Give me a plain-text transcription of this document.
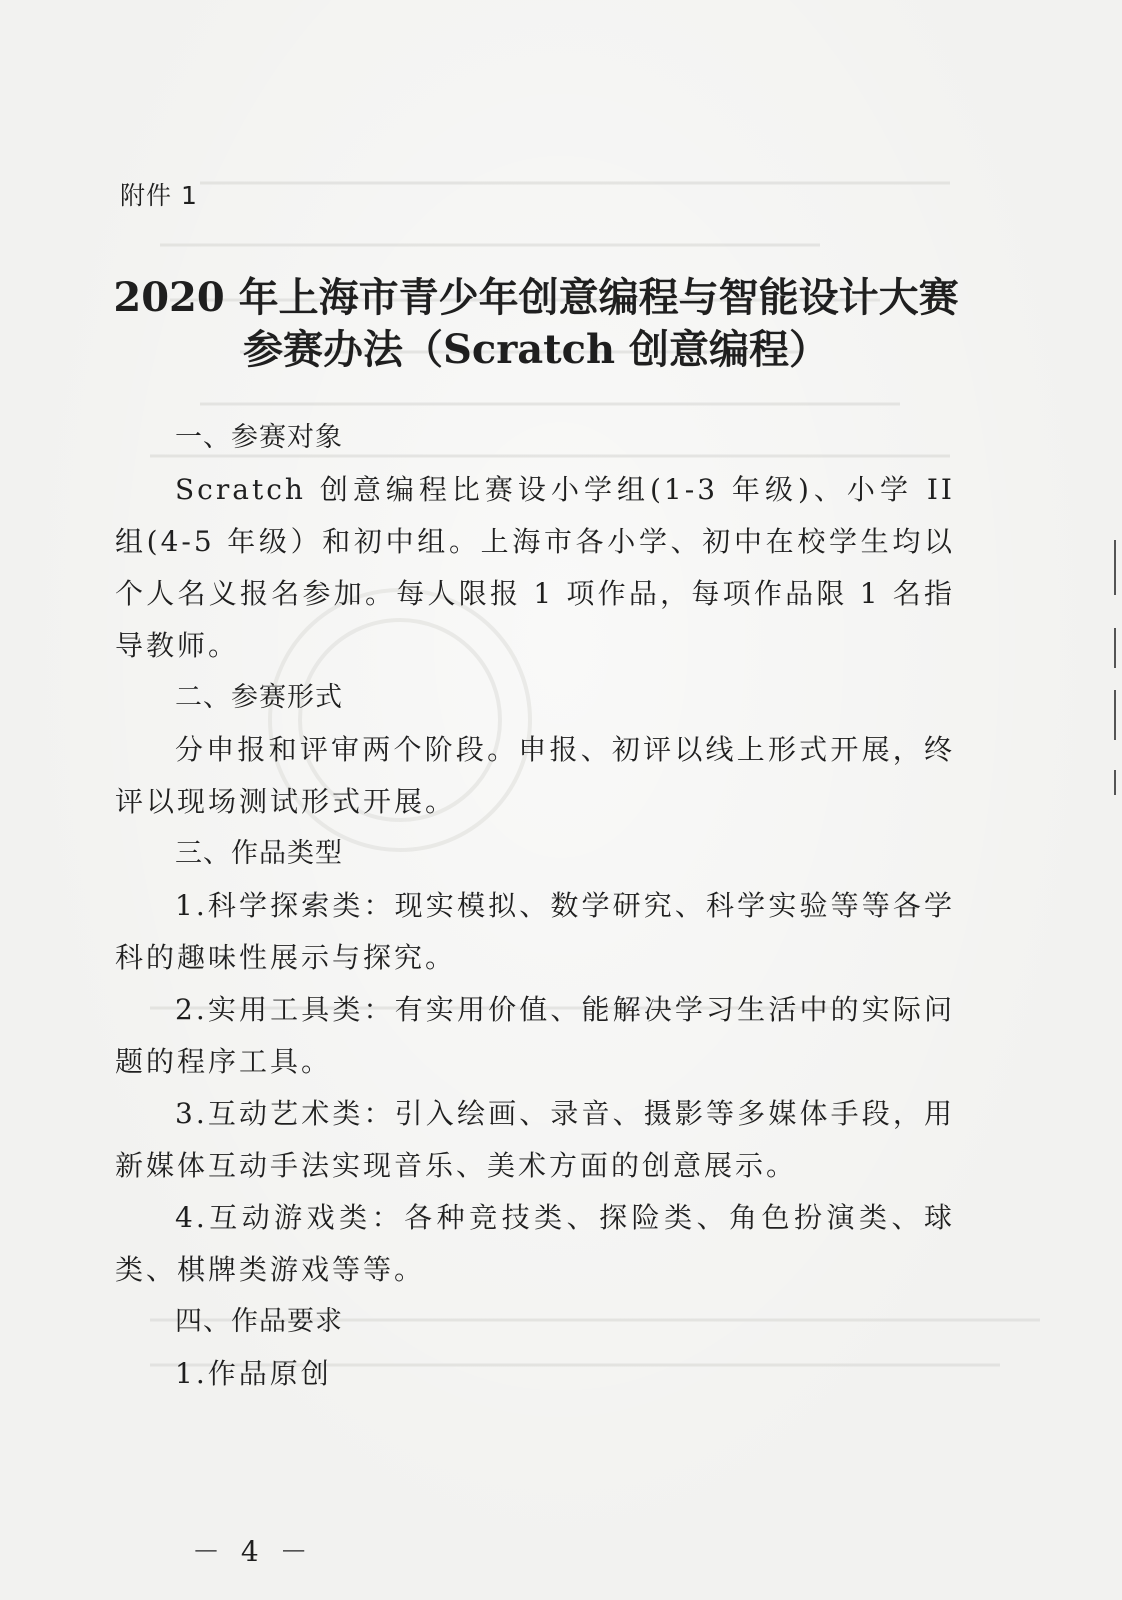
附件 1
2020 年上海市青少年创意编程与智能设计大赛
参赛办法（Scratch 创意编程）
一、参赛对象
Scratch 创意编程比赛设小学组(1-3 年级)、小学 II 组(4-5 年级）和初中组。上海市各小学、初中在校学生均以个人名义报名参加。每人限报 1 项作品，每项作品限 1 名指导教师。
二、参赛形式
分申报和评审两个阶段。申报、初评以线上形式开展，终评以现场测试形式开展。
三、作品类型
1.科学探索类：现实模拟、数学研究、科学实验等等各学科的趣味性展示与探究。
2.实用工具类：有实用价值、能解决学习生活中的实际问题的程序工具。
3.互动艺术类：引入绘画、录音、摄影等多媒体手段，用新媒体互动手法实现音乐、美术方面的创意展示。
4.互动游戏类：各种竞技类、探险类、角色扮演类、球类、棋牌类游戏等等。
四、作品要求
1.作品原创
－ 4 －
